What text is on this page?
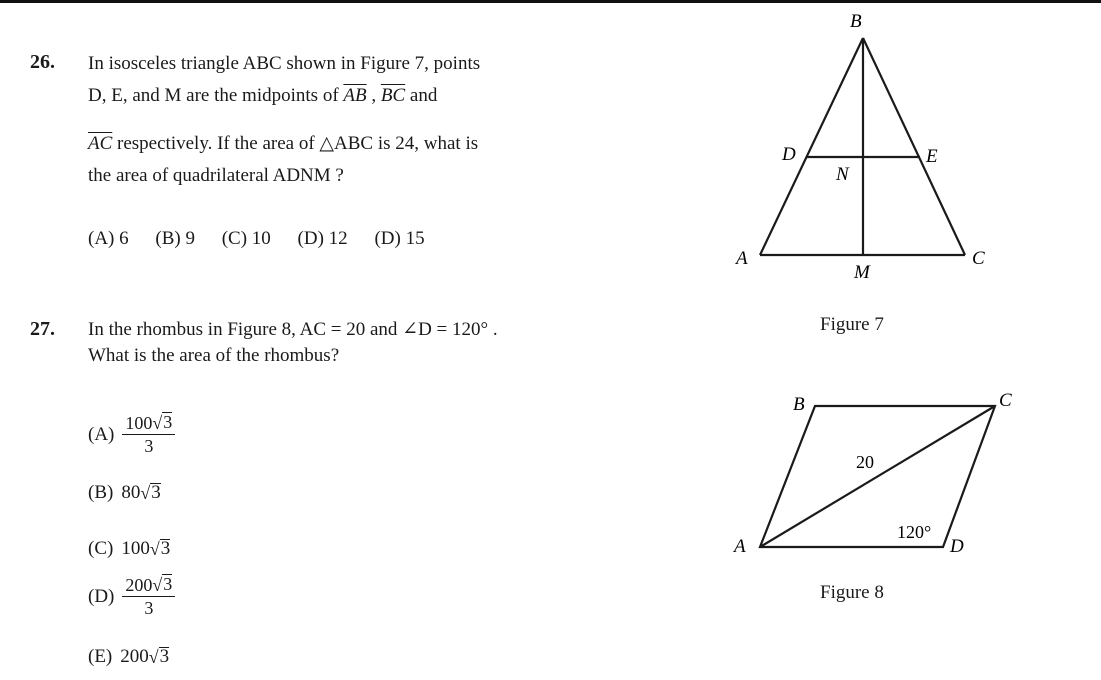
26. In isosceles triangle ABC shown in Figure 7, points
D, E, and M are the midpoints of $\overline{AB}$ , $\overline{BC}$ and
$\overline{AC}$ respectively. If the area of △ABC is 24, what is
the area of quadrilateral ADNM ?
(A) 6 (B) 9 (C) 10 (D) 12 (D) 15
27. In the rhombus in Figure 8, AC = 20 and ∠D = 120° .
What is the area of the rhombus?
$(A) \frac{100 √ 3}{3}$
(B) 80 √ 3
(C) 100 √ 3
$(D) \frac{200 √ 3}{3}$
(E) 200 √ 3
B
D	E
N
A
M
C
Figure 7
B	C
A	D
20
120°
Figure 8
